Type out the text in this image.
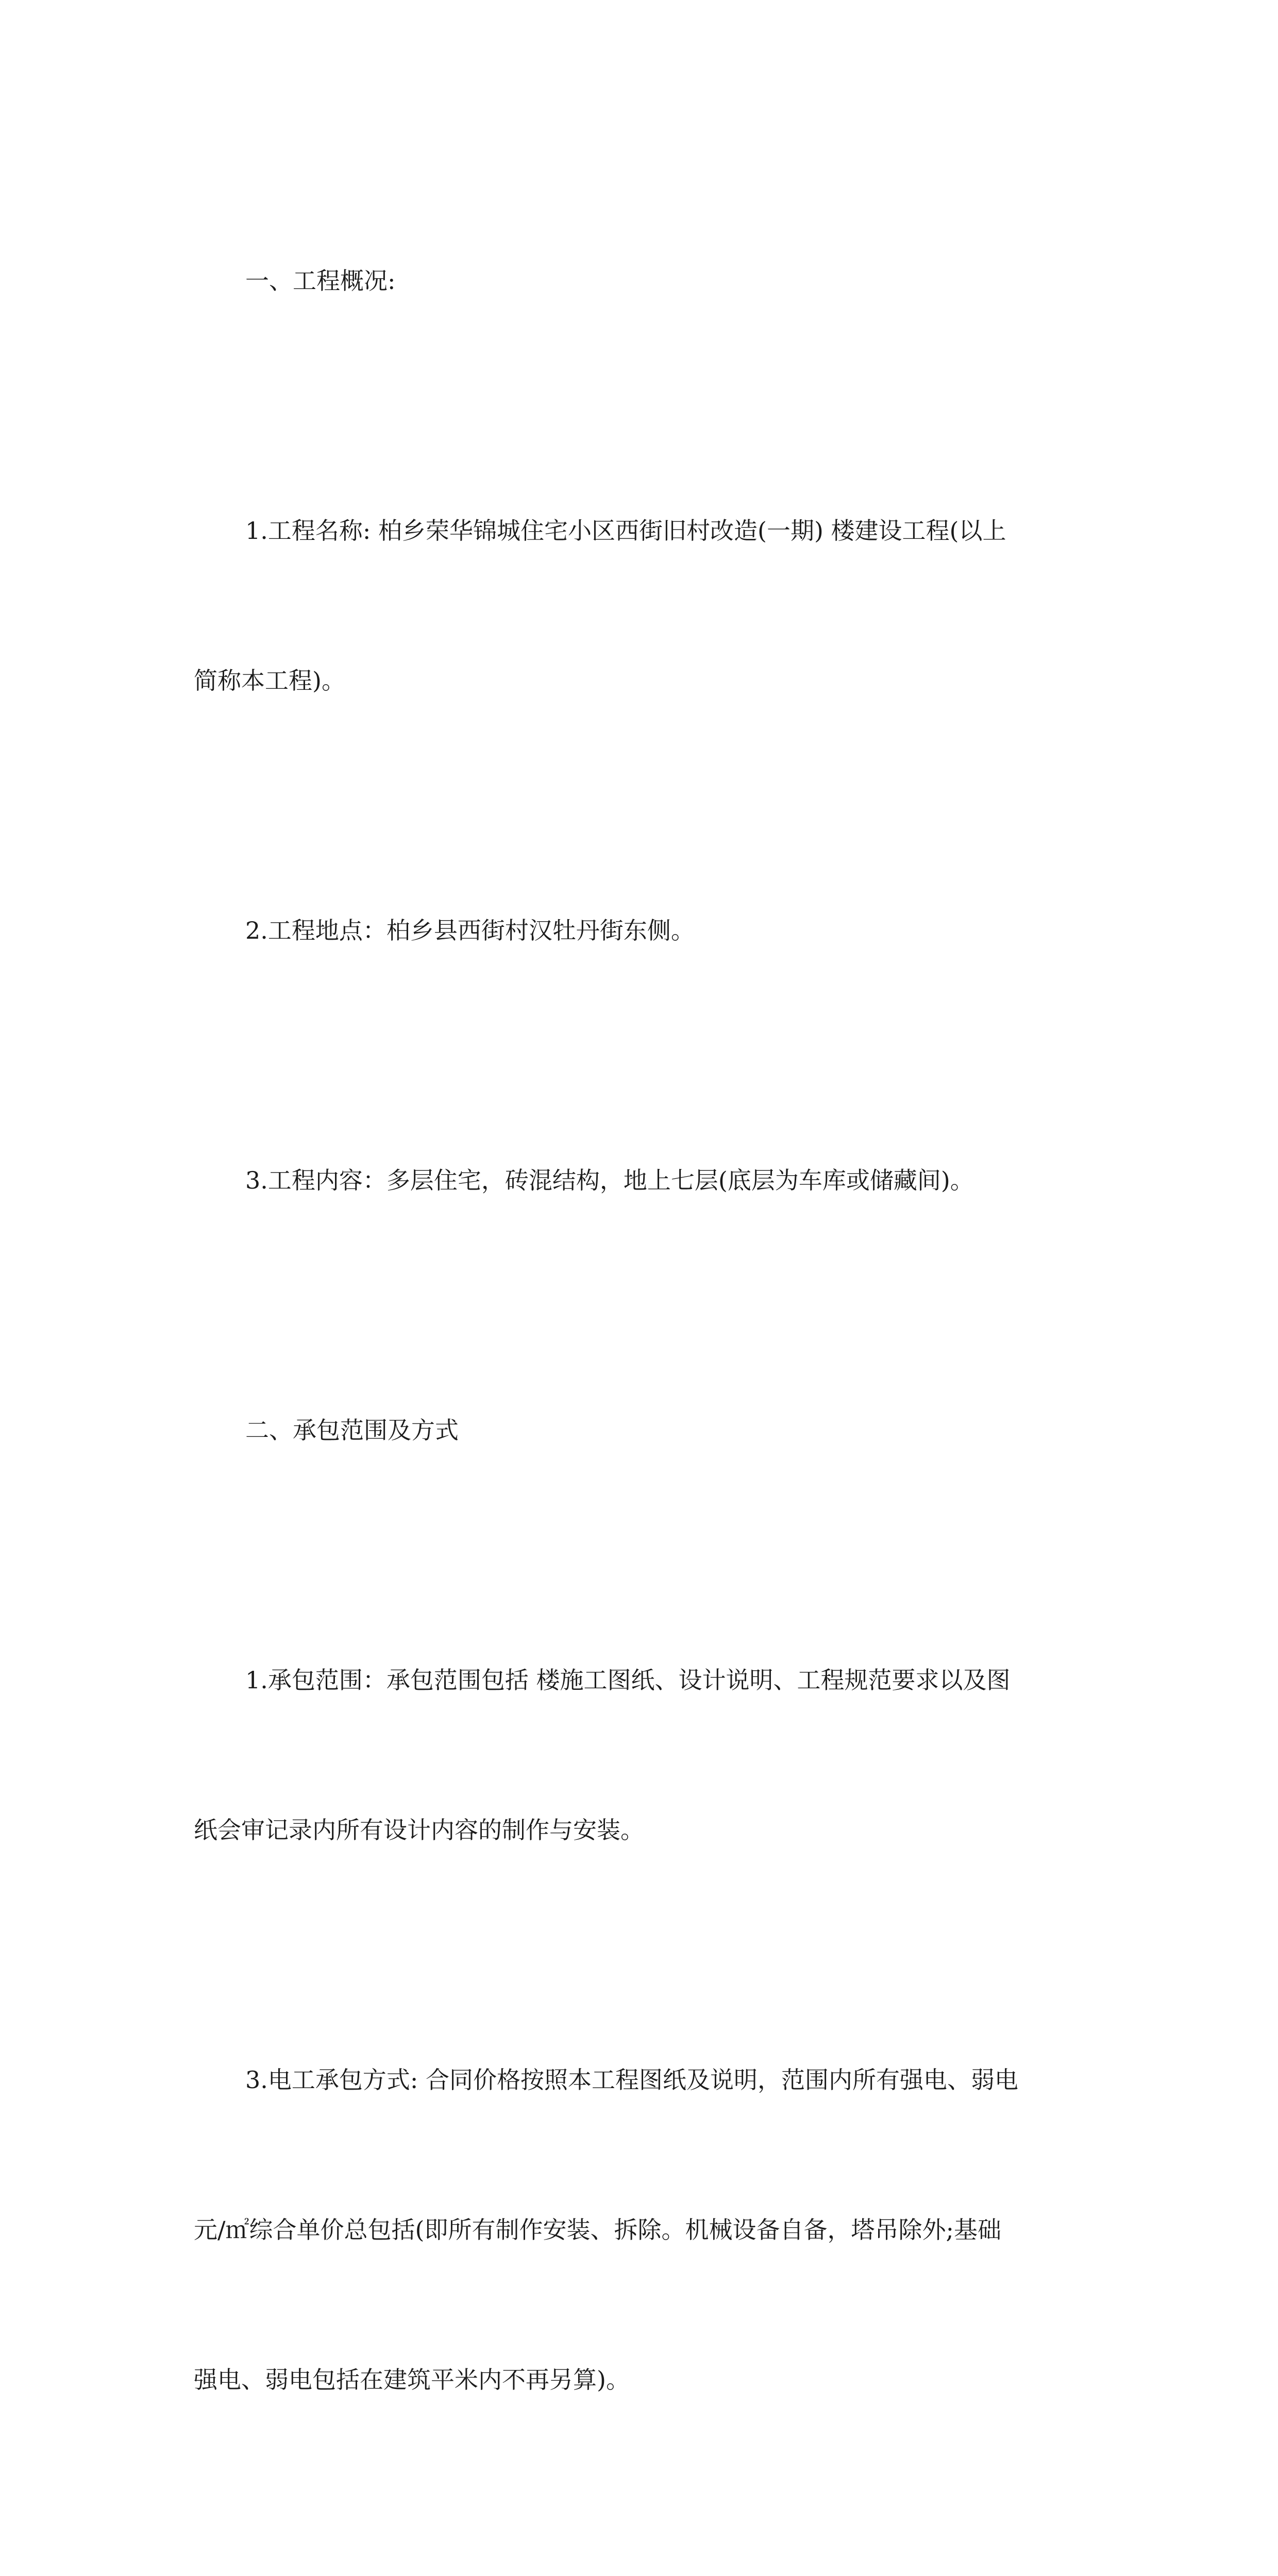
一、工程概况:

1.工程名称: 柏乡荣华锦城住宅小区西街旧村改造(一期) 楼建设工程(以上

简称本工程)。

2.工程地点：柏乡县西街村汉牡丹街东侧。

3.工程内容：多层住宅，砖混结构，地上七层(底层为车库或储藏间)。

二、承包范围及方式

1.承包范围：承包范围包括 楼施工图纸、设计说明、工程规范要求以及图

纸会审记录内所有设计内容的制作与安装。

3.电工承包方式: 合同价格按照本工程图纸及说明，范围内所有强电、弱电

元/㎡综合单价总包括(即所有制作安装、拆除。机械设备自备，塔吊除外;基础

强电、弱电包括在建筑平米内不再另算)。
